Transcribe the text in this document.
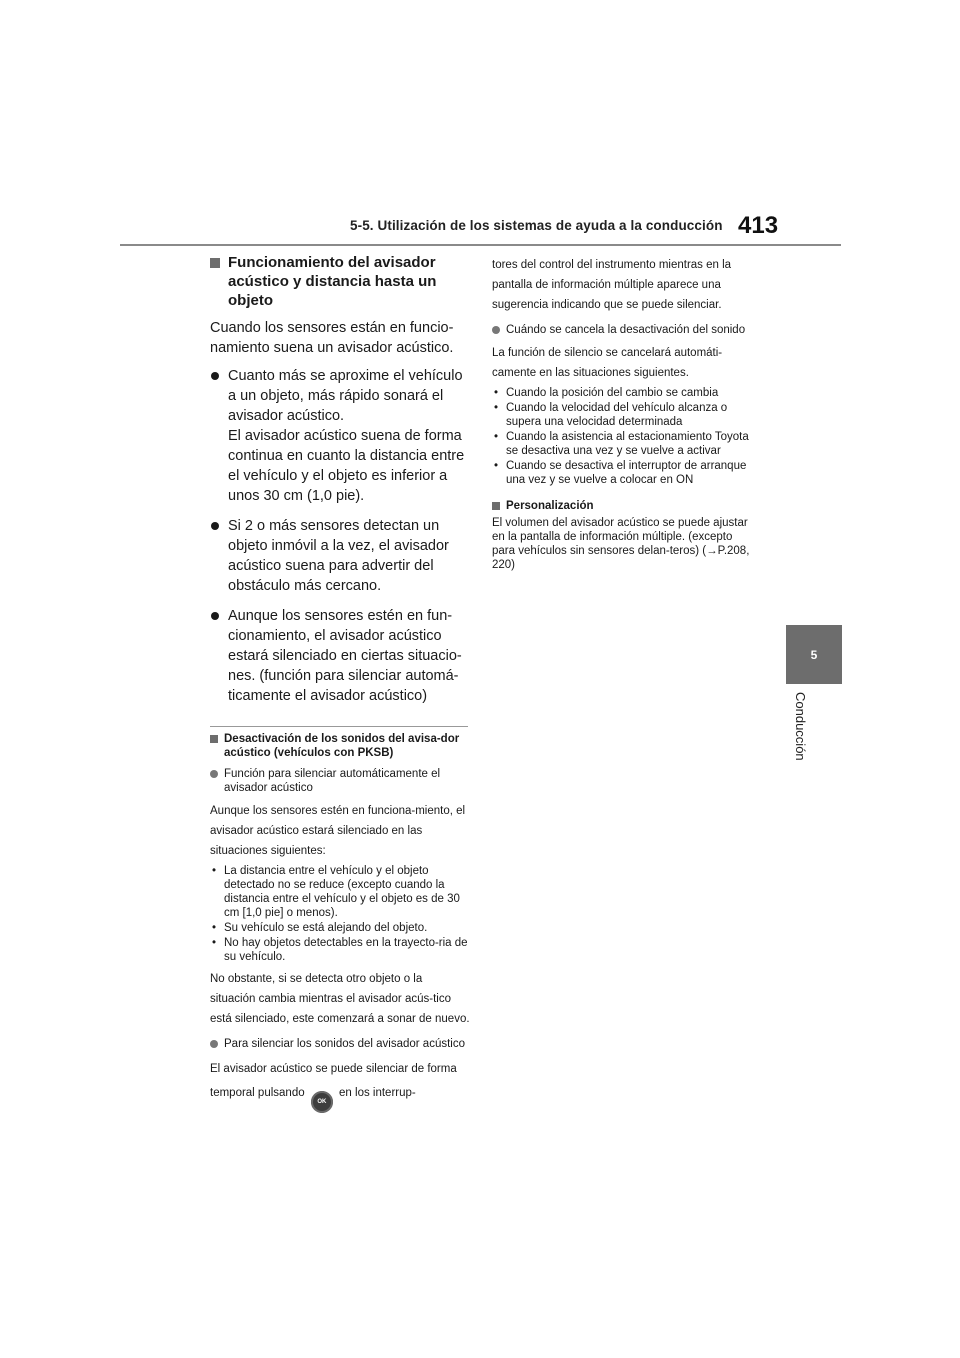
5-5. Utilización de los sistemas de ayuda a la conducción 413
5
Conducción
Funcionamiento del avisador acústico y distancia hasta un objeto

Cuando los sensores están en funcio-namiento suena un avisador acústico.

Cuanto más se aproxime el vehículo a un objeto, más rápido sonará el avisador acústico.

El avisador acústico suena de forma continua en cuanto la distancia entre el vehículo y el objeto es inferior a unos 30 cm (1,0 pie).

Si 2 o más sensores detectan un objeto inmóvil a la vez, el avisador acústico suena para advertir del obstáculo más cercano.

Aunque los sensores estén en fun-cionamiento, el avisador acústico estará silenciado en ciertas situacio-nes. (función para silenciar automá-ticamente el avisador acústico)

Desactivación de los sonidos del avisa-dor acústico (vehículos con PKSB)
Función para silenciar automáticamente el avisador acústico

Aunque los sensores estén en funciona-miento, el avisador acústico estará silenciado en las situaciones siguientes:

• La distancia entre el vehículo y el objeto detectado no se reduce (excepto cuando la distancia entre el vehículo y el objeto es de 30 cm [1,0 pie] o menos).
• Su vehículo se está alejando del objeto.
• No hay objetos detectables en la trayecto-ria de su vehículo.

No obstante, si se detecta otro objeto o la situación cambia mientras el avisador acús-tico está silenciado, este comenzará a sonar de nuevo.

Para silenciar los sonidos del avisador acústico

El avisador acústico se puede silenciar de forma temporal pulsando OK en los interrup-

tores del control del instrumento mientras en la pantalla de información múltiple aparece una sugerencia indicando que se puede silenciar.

Cuándo se cancela la desactivación del sonido

La función de silencio se cancelará automáti-camente en las situaciones siguientes.

• Cuando la posición del cambio se cambia
• Cuando la velocidad del vehículo alcanza o supera una velocidad determinada
• Cuando la asistencia al estacionamiento Toyota se desactiva una vez y se vuelve a activar
• Cuando se desactiva el interruptor de arranque una vez y se vuelve a colocar en ON
Personalización

El volumen del avisador acústico se puede ajustar en la pantalla de información múltiple. (excepto para vehículos sin sensores delan-teros) (→P.208, 220)
